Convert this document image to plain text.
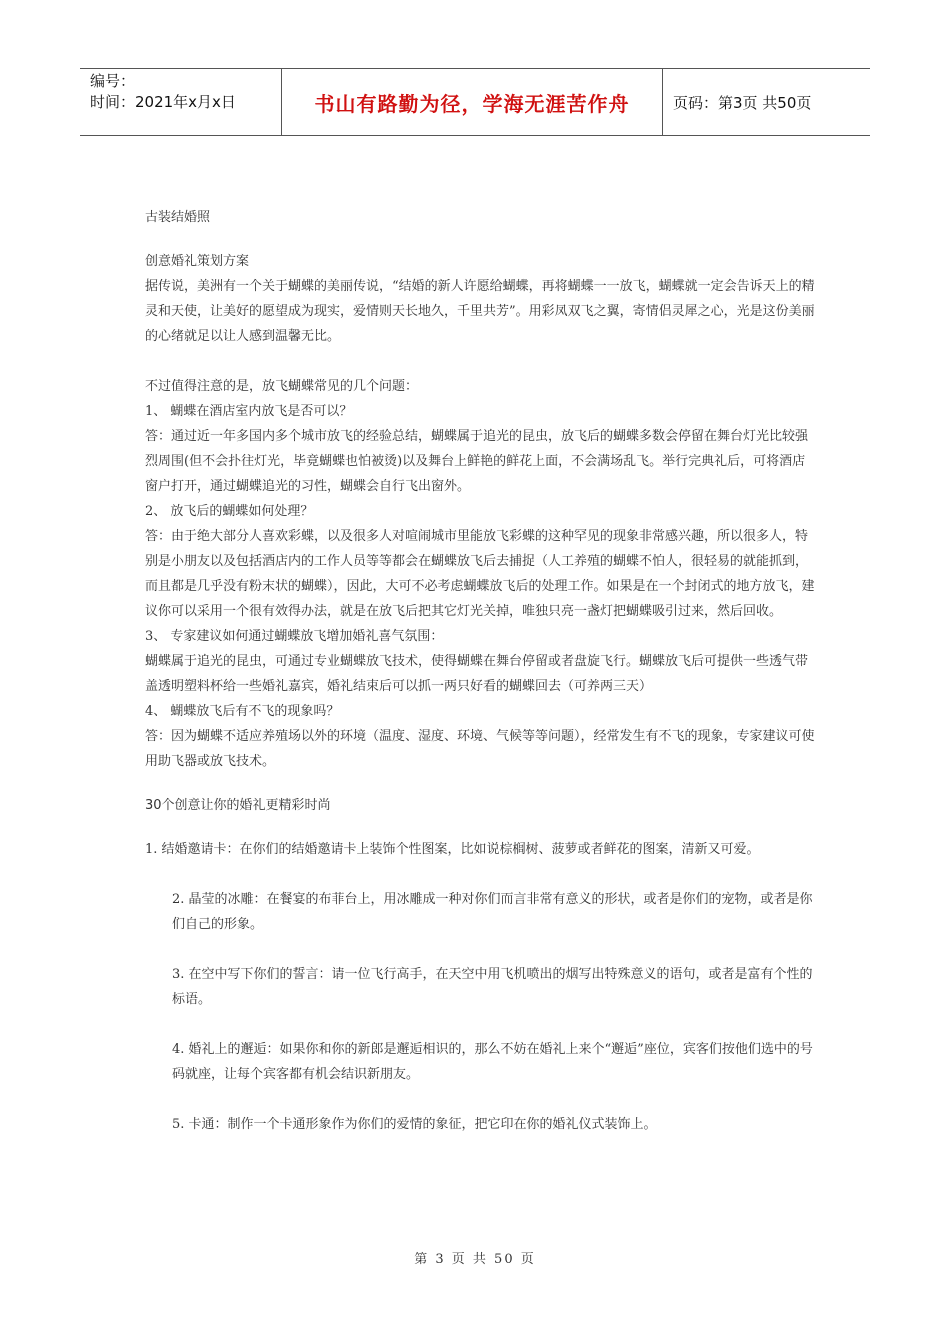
编号：
时间：2021年x月x日	书山有路勤为径，学海无涯苦作舟	页码：第3页 共50页

古装结婚照

创意婚礼策划方案

据传说，美洲有一个关于蝴蝶的美丽传说，“结婚的新人许愿给蝴蝶，再将蝴蝶一一放飞，蝴蝶就一定会告诉天上的精灵和天使，让美好的愿望成为现实，爱情则天长地久，千里共芳”。用彩凤双飞之翼，寄情侣灵犀之心，光是这份美丽的心绪就足以让人感到温馨无比。

不过值得注意的是，放飞蝴蝶常见的几个问题：

1、 蝴蝶在酒店室内放飞是否可以？

答：通过近一年多国内多个城市放飞的经验总结，蝴蝶属于追光的昆虫，放飞后的蝴蝶多数会停留在舞台灯光比较强烈周围(但不会扑往灯光，毕竟蝴蝶也怕被烫)以及舞台上鲜艳的鲜花上面，不会满场乱飞。举行完典礼后，可将酒店窗户打开，通过蝴蝶追光的习性，蝴蝶会自行飞出窗外。

2、 放飞后的蝴蝶如何处理？

答：由于绝大部分人喜欢彩蝶，以及很多人对喧闹城市里能放飞彩蝶的这种罕见的现象非常感兴趣，所以很多人，特别是小朋友以及包括酒店内的工作人员等等都会在蝴蝶放飞后去捕捉（人工养殖的蝴蝶不怕人，很轻易的就能抓到，而且都是几乎没有粉末状的蝴蝶），因此，大可不必考虑蝴蝶放飞后的处理工作。如果是在一个封闭式的地方放飞，建议你可以采用一个很有效得办法，就是在放飞后把其它灯光关掉，唯独只亮一盏灯把蝴蝶吸引过来，然后回收。

3、 专家建议如何通过蝴蝶放飞增加婚礼喜气氛围：

蝴蝶属于追光的昆虫，可通过专业蝴蝶放飞技术，使得蝴蝶在舞台停留或者盘旋飞行。蝴蝶放飞后可提供一些透气带盖透明塑料杯给一些婚礼嘉宾，婚礼结束后可以抓一两只好看的蝴蝶回去（可养两三天）

4、 蝴蝶放飞后有不飞的现象吗？

答：因为蝴蝶不适应养殖场以外的环境（温度、湿度、环境、气候等等问题），经常发生有不飞的现象，专家建议可使用助飞器或放飞技术。

30个创意让你的婚礼更精彩时尚

1. 结婚邀请卡：在你们的结婚邀请卡上装饰个性图案，比如说棕榈树、菠萝或者鲜花的图案，清新又可爱。

2. 晶莹的冰雕：在餐宴的布菲台上，用冰雕成一种对你们而言非常有意义的形状，或者是你们的宠物，或者是你们自己的形象。

3. 在空中写下你们的誓言：请一位飞行高手，在天空中用飞机喷出的烟写出特殊意义的语句，或者是富有个性的标语。

4. 婚礼上的邂逅：如果你和你的新郎是邂逅相识的，那么不妨在婚礼上来个“邂逅”座位，宾客们按他们选中的号码就座，让每个宾客都有机会结识新朋友。

5. 卡通：制作一个卡通形象作为你们的爱情的象征，把它印在你的婚礼仪式装饰上。

第 3 页 共 50 页
